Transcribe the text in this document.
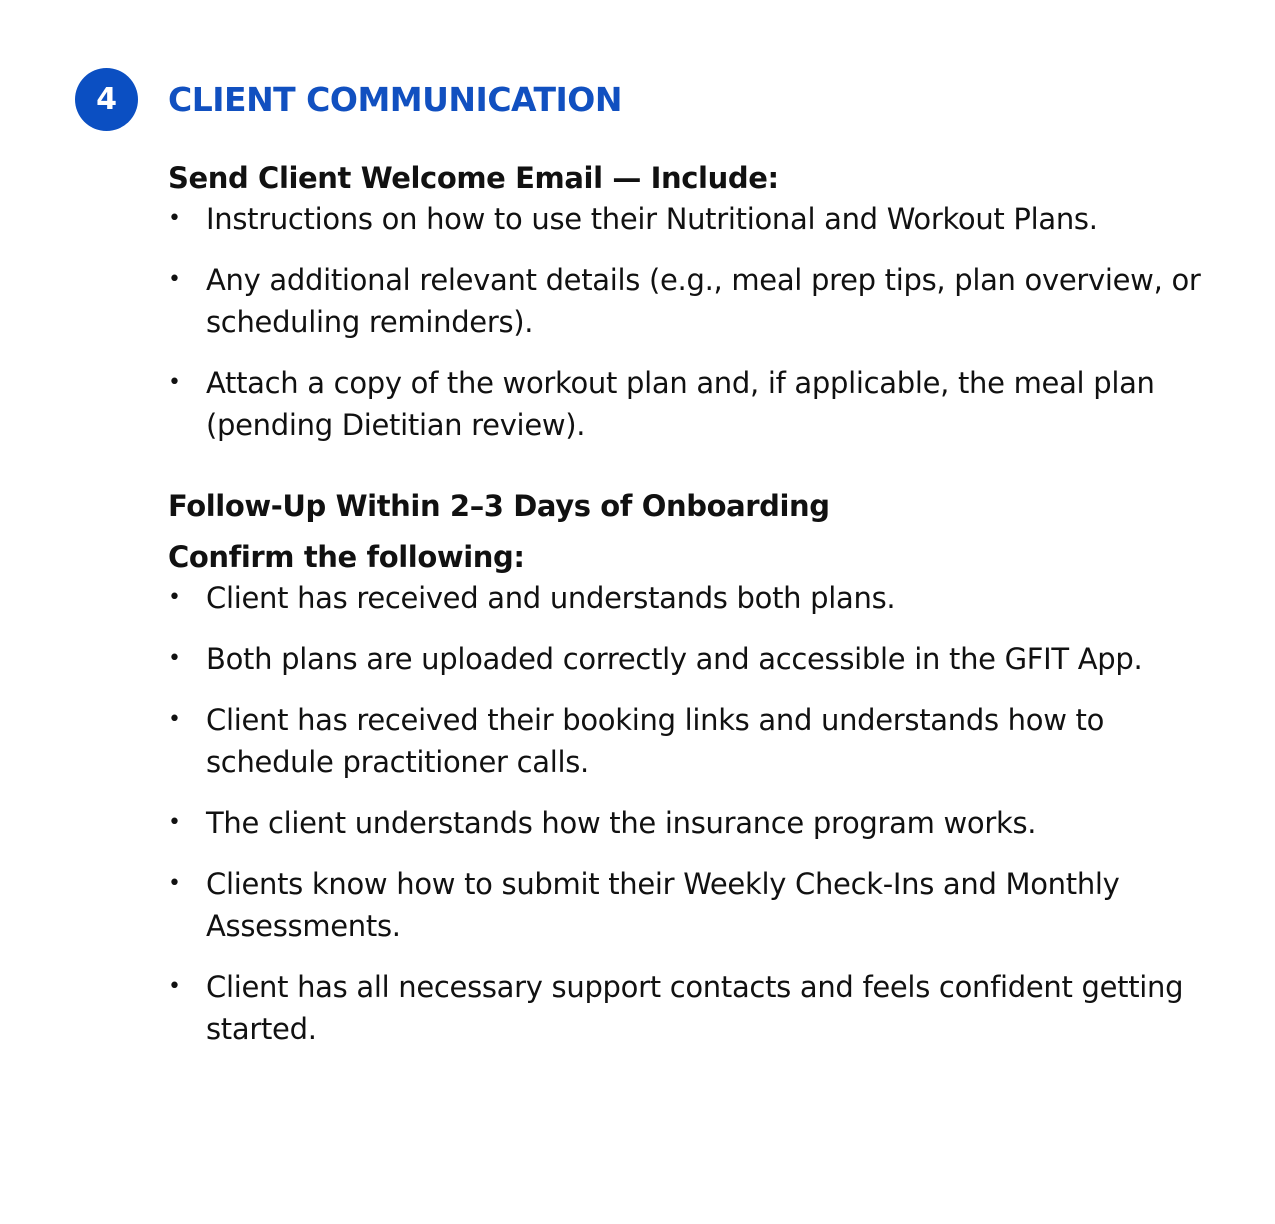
4	CLIENT COMMUNICATION
Send Client Welcome Email — Include:
• Instructions on how to use their Nutritional and Workout Plans.
• Any additional relevant details (e.g., meal prep tips, plan overview, or scheduling reminders).
• Attach a copy of the workout plan and, if applicable, the meal plan (pending Dietitian review).
Follow-Up Within 2–3 Days of Onboarding
Confirm the following:
• Client has received and understands both plans.
• Both plans are uploaded correctly and accessible in the GFIT App.
• Client has received their booking links and understands how to schedule practitioner calls.
• The client understands how the insurance program works.
• Clients know how to submit their Weekly Check-Ins and Monthly Assessments.
• Client has all necessary support contacts and feels confident getting started.
